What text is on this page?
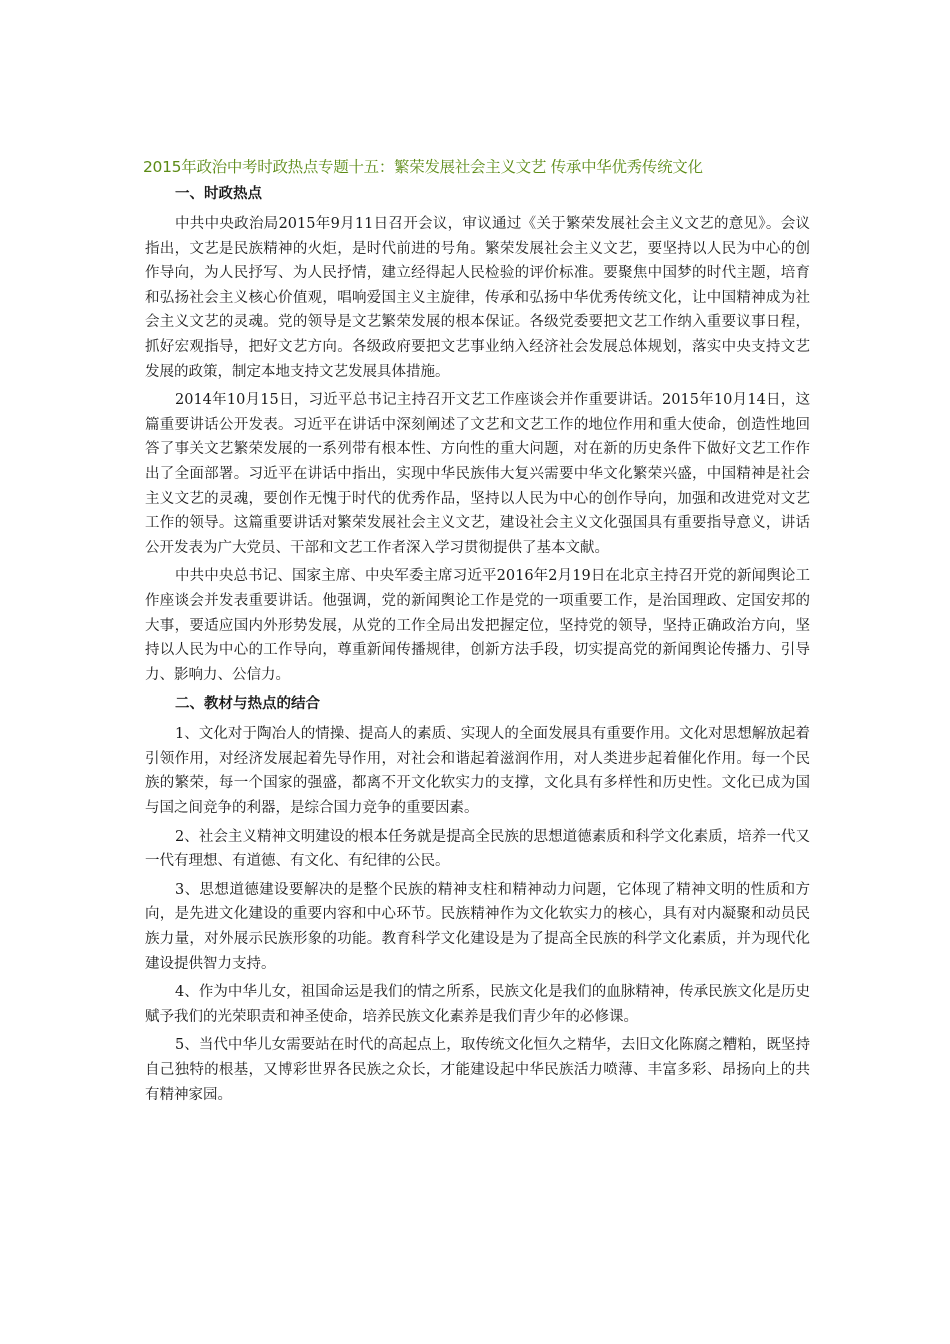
2015年政治中考时政热点专题十五：繁荣发展社会主义文艺 传承中华优秀传统文化
一、时政热点

中共中央政治局2015年9月11日召开会议，审议通过《关于繁荣发展社会主义文艺的意见》。会议指出，文艺是民族精神的火炬，是时代前进的号角。繁荣发展社会主义文艺，要坚持以人民为中心的创作导向，为人民抒写、为人民抒情，建立经得起人民检验的评价标准。要聚焦中国梦的时代主题，培育和弘扬社会主义核心价值观，唱响爱国主义主旋律，传承和弘扬中华优秀传统文化，让中国精神成为社会主义文艺的灵魂。党的领导是文艺繁荣发展的根本保证。各级党委要把文艺工作纳入重要议事日程，抓好宏观指导，把好文艺方向。各级政府要把文艺事业纳入经济社会发展总体规划，落实中央支持文艺发展的政策，制定本地支持文艺发展具体措施。

2014年10月15日，习近平总书记主持召开文艺工作座谈会并作重要讲话。2015年10月14日，这篇重要讲话公开发表。习近平在讲话中深刻阐述了文艺和文艺工作的地位作用和重大使命，创造性地回答了事关文艺繁荣发展的一系列带有根本性、方向性的重大问题，对在新的历史条件下做好文艺工作作出了全面部署。习近平在讲话中指出，实现中华民族伟大复兴需要中华文化繁荣兴盛，中国精神是社会主义文艺的灵魂，要创作无愧于时代的优秀作品，坚持以人民为中心的创作导向，加强和改进党对文艺工作的领导。这篇重要讲话对繁荣发展社会主义文艺，建设社会主义文化强国具有重要指导意义，讲话公开发表为广大党员、干部和文艺工作者深入学习贯彻提供了基本文献。

中共中央总书记、国家主席、中央军委主席习近平2016年2月19日在北京主持召开党的新闻舆论工作座谈会并发表重要讲话。他强调，党的新闻舆论工作是党的一项重要工作，是治国理政、定国安邦的大事，要适应国内外形势发展，从党的工作全局出发把握定位，坚持党的领导，坚持正确政治方向，坚持以人民为中心的工作导向，尊重新闻传播规律，创新方法手段，切实提高党的新闻舆论传播力、引导力、影响力、公信力。

二、教材与热点的结合

1、文化对于陶冶人的情操、提高人的素质、实现人的全面发展具有重要作用。文化对思想解放起着引领作用，对经济发展起着先导作用，对社会和谐起着滋润作用，对人类进步起着催化作用。每一个民族的繁荣，每一个国家的强盛，都离不开文化软实力的支撑，文化具有多样性和历史性。文化已成为国与国之间竞争的利器，是综合国力竞争的重要因素。

2、社会主义精神文明建设的根本任务就是提高全民族的思想道德素质和科学文化素质，培养一代又一代有理想、有道德、有文化、有纪律的公民。

3、思想道德建设要解决的是整个民族的精神支柱和精神动力问题，它体现了精神文明的性质和方向，是先进文化建设的重要内容和中心环节。民族精神作为文化软实力的核心，具有对内凝聚和动员民族力量，对外展示民族形象的功能。教育科学文化建设是为了提高全民族的科学文化素质，并为现代化建设提供智力支持。

4、作为中华儿女，祖国命运是我们的情之所系，民族文化是我们的血脉精神，传承民族文化是历史赋予我们的光荣职责和神圣使命，培养民族文化素养是我们青少年的必修课。

5、当代中华儿女需要站在时代的高起点上，取传统文化恒久之精华，去旧文化陈腐之糟粕，既坚持自己独特的根基，又博彩世界各民族之众长，才能建设起中华民族活力喷薄、丰富多彩、昂扬向上的共有精神家园。
